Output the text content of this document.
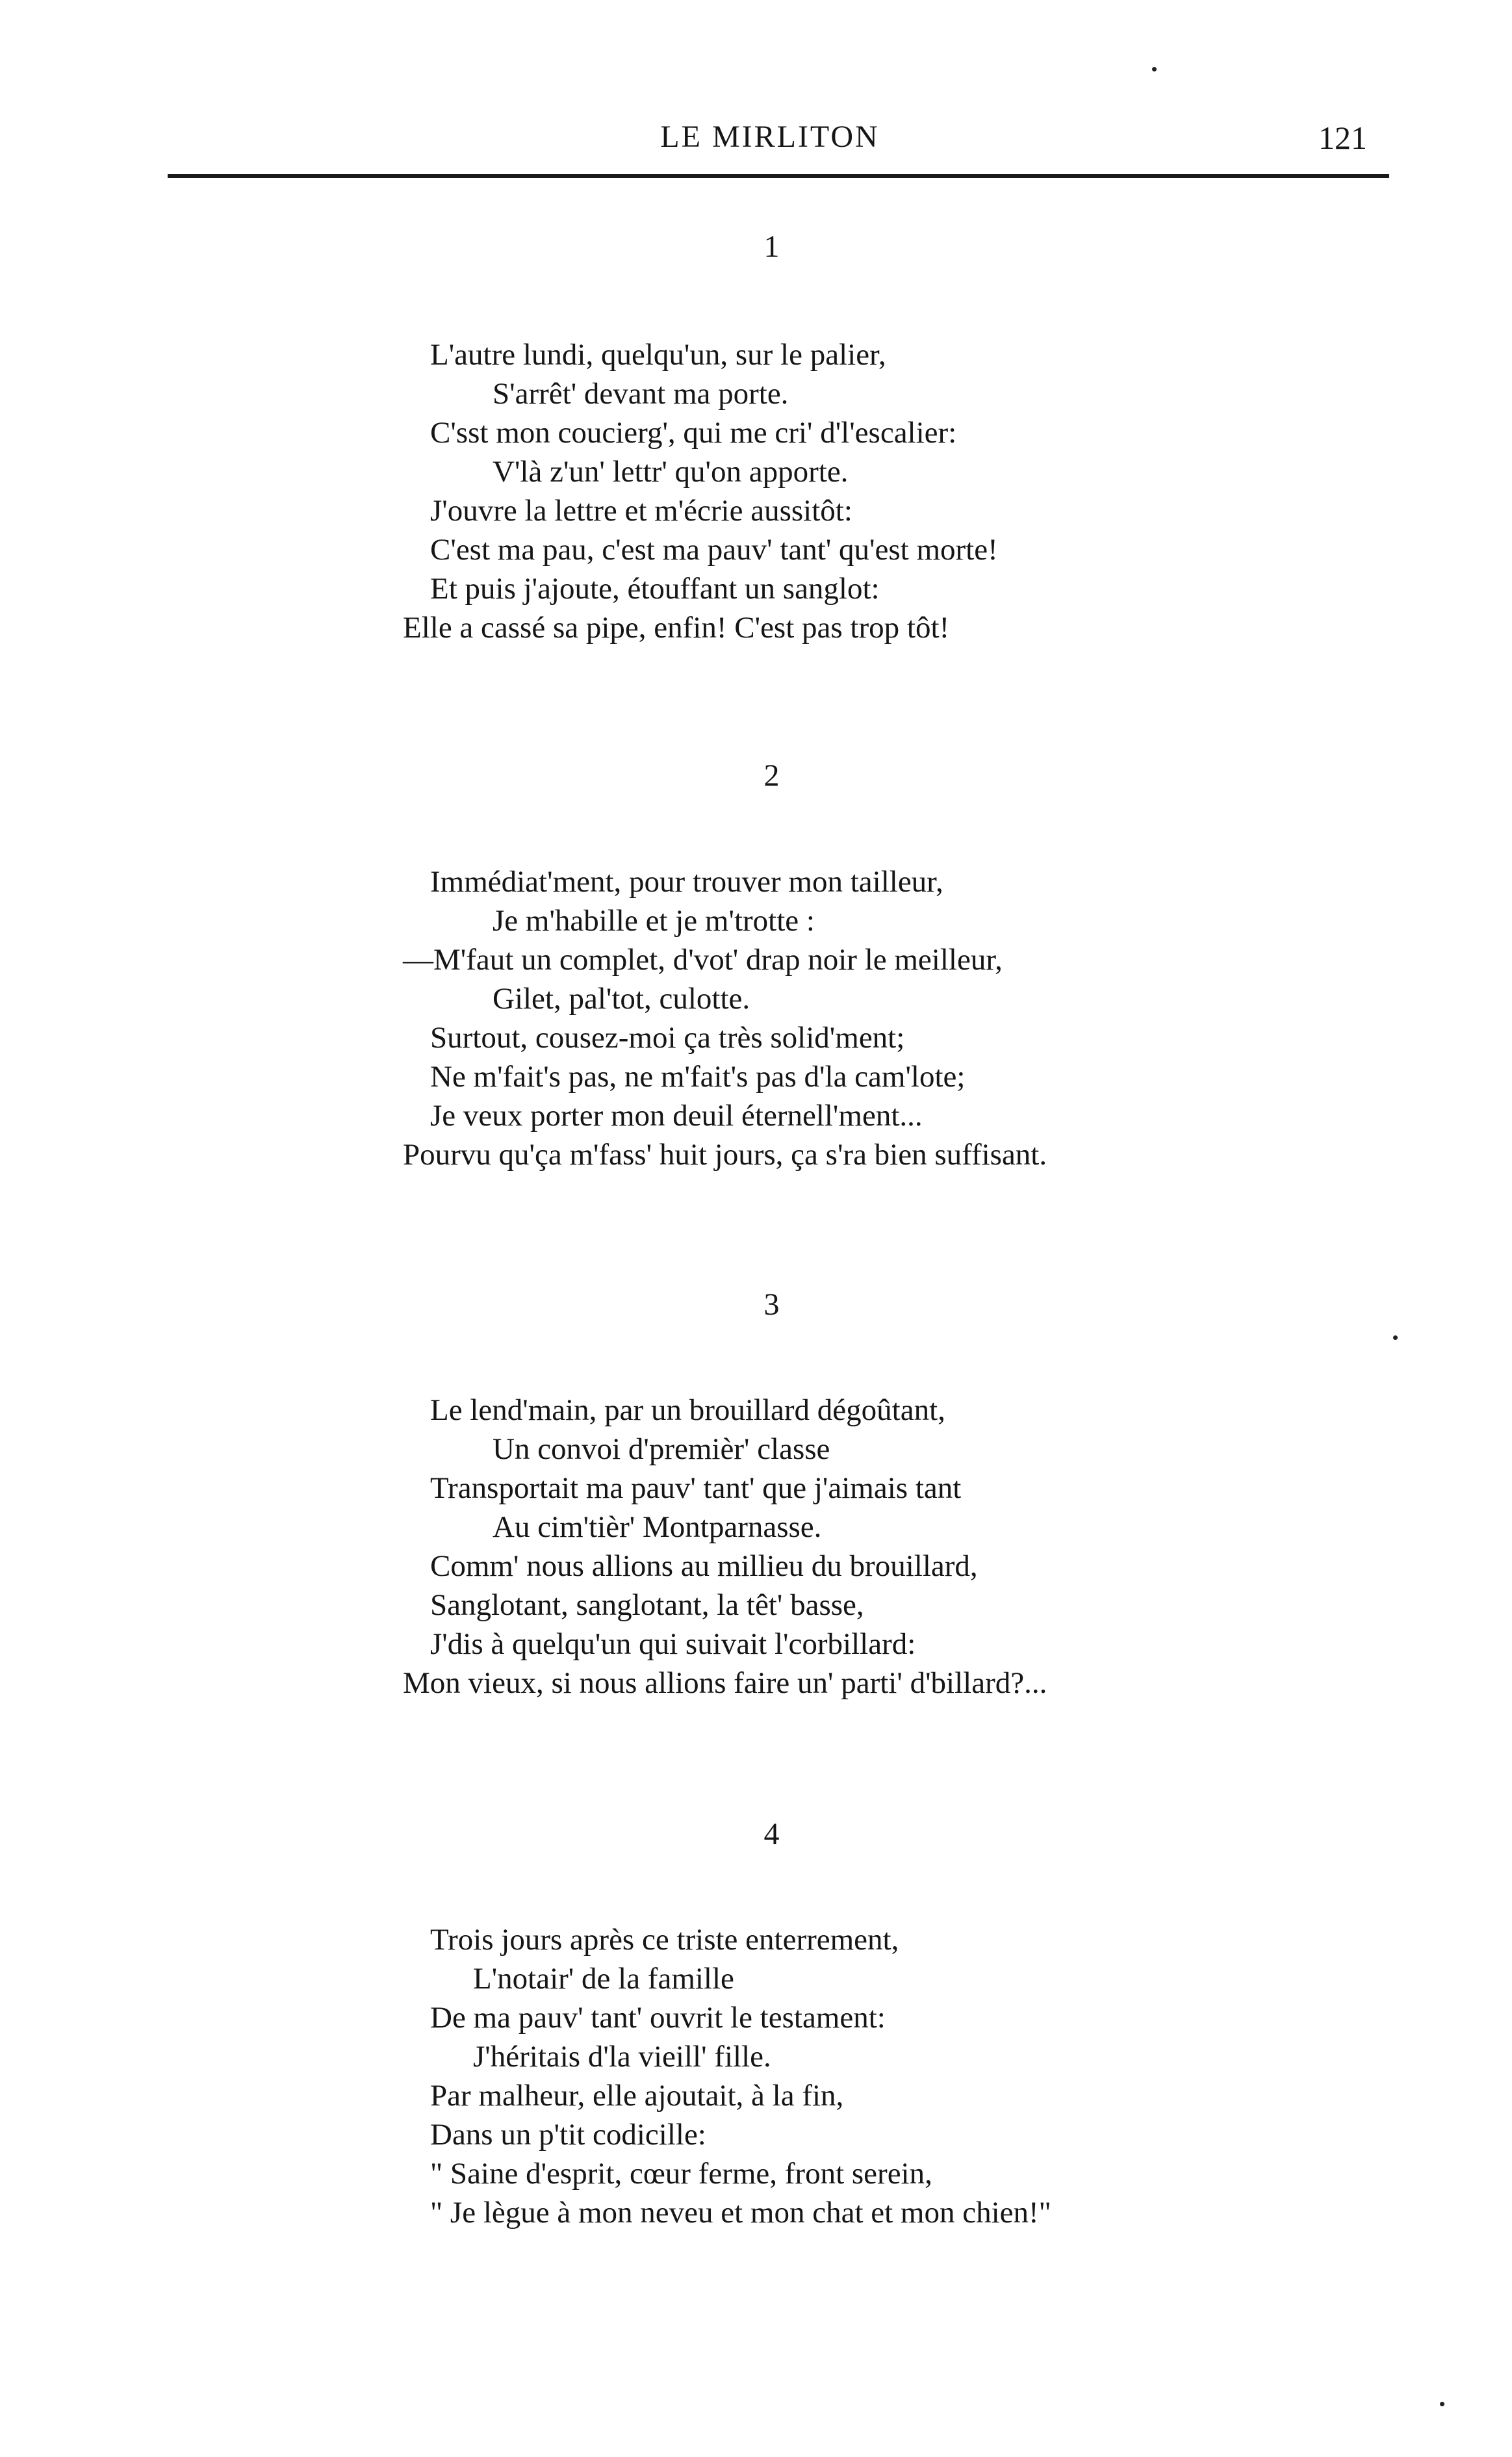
LE MIRLITON	121
1
L'autre lundi, quelqu'un, sur le palier,
S'arrêt' devant ma porte.
C'sst mon coucierg', qui me cri' d'l'escalier:
V'là z'un' lettr' qu'on apporte.
J'ouvre la lettre et m'écrie aussitôt:
C'est ma pau, c'est ma pauv' tant' qu'est morte!
Et puis j'ajoute, étouffant un sanglot:
Elle a cassé sa pipe, enfin! C'est pas trop tôt!
2
Immédiat'ment, pour trouver mon tailleur,
Je m'habille et je m'trotte :
—M'faut un complet, d'vot' drap noir le meilleur,
Gilet, pal'tot, culotte.
Surtout, cousez-moi ça très solid'ment;
Ne m'fait's pas, ne m'fait's pas d'la cam'lote;
Je veux porter mon deuil éternell'ment...
Pourvu qu'ça m'fass' huit jours, ça s'ra bien suffisant.
3
Le lend'main, par un brouillard dégoûtant,
Un convoi d'premièr' classe
Transportait ma pauv' tant' que j'aimais tant
Au cim'tièr' Montparnasse.
Comm' nous allions au millieu du brouillard,
Sanglotant, sanglotant, la têt' basse,
J'dis à quelqu'un qui suivait l'corbillard:
Mon vieux, si nous allions faire un' parti' d'billard?...
4
Trois jours après ce triste enterrement,
L'notair' de la famille
De ma pauv' tant' ouvrit le testament:
J'héritais d'la vieill' fille.
Par malheur, elle ajoutait, à la fin,
Dans un p'tit codicille:
" Saine d'esprit, cœur ferme, front serein,
" Je lègue à mon neveu et mon chat et mon chien!"
